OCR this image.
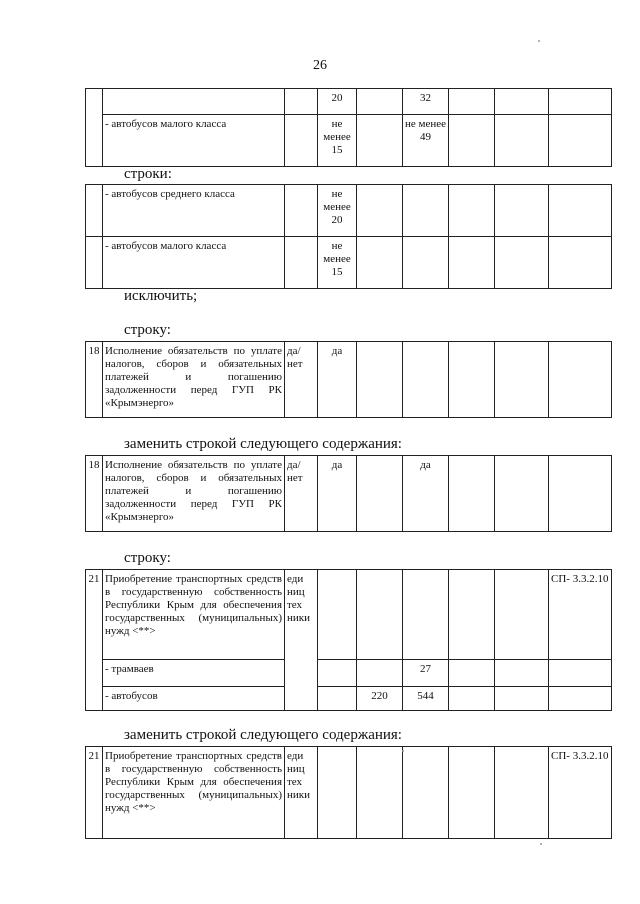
26
			20		32			
	- автобусов малого класса		не менее 15		не менее 49			
строки:
	- автобусов среднего класса		не менее 20					
	- автобусов малого класса		не менее 15					
исключить;
строку:
18	Исполнение обязательств по уплате налогов, сборов и обязательных платежей и погашению задолженности перед ГУП РК «Крымэнерго»	да/ нет	да					
заменить строкой следующего содержания:
18	Исполнение обязательств по уплате налогов, сборов и обязательных платежей и погашению задолженности перед ГУП РК «Крымэнерго»	да/ нет	да		да			
строку:
21	Приобретение транспортных средств в государственную собственность Республики Крым для обеспечения государственных (муниципальных) нужд <**>	еди ниц тех ники						СП- 3.3.2.10
	- трамваев				27			
	- автобусов			220	544			
заменить строкой следующего содержания:
21	Приобретение транспортных средств в государственную собственность Республики Крым для обеспечения государственных (муниципальных) нужд <**>	еди ниц тех ники						СП- 3.3.2.10
